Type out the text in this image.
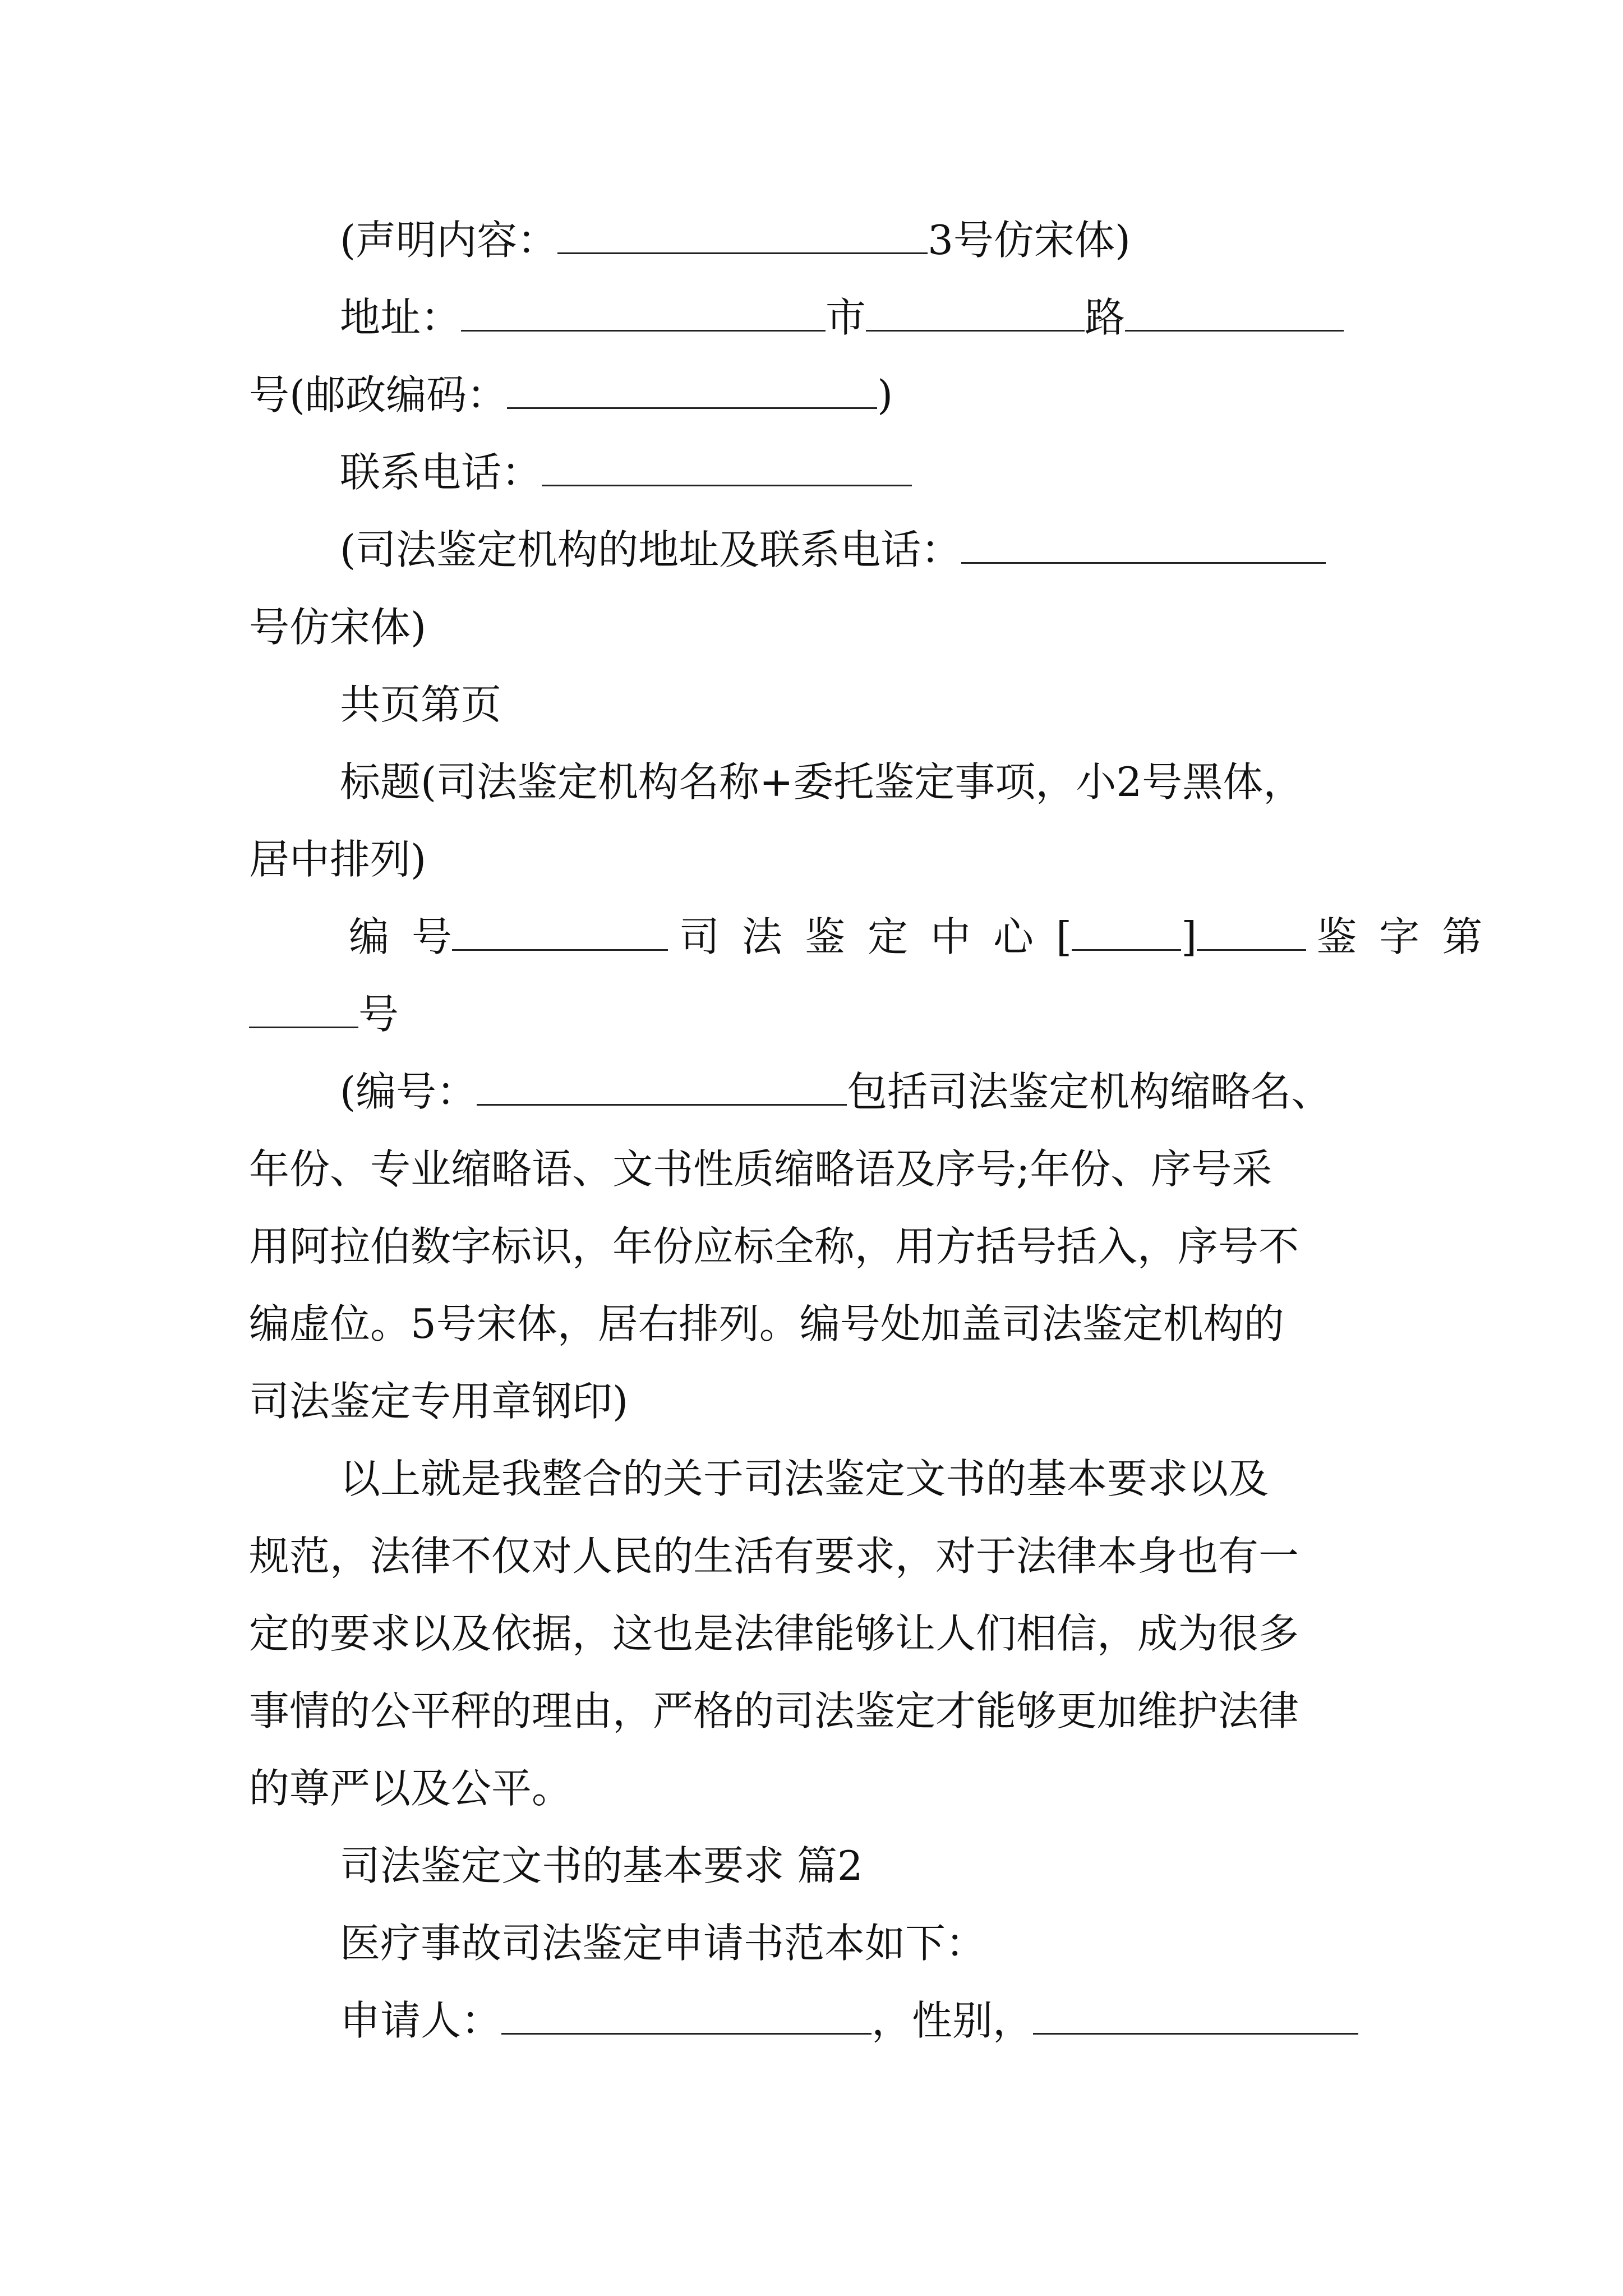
(声明内容：	3号仿宋体)

地址：	市	路

号(邮政编码：	)

联系电话：

(司法鉴定机构的地址及联系电话：

号仿宋体)

共页第页

标题(司法鉴定机构名称+委托鉴定事项，小2号黑体，

居中排列)

编号	司法鉴定中心[ ]	鉴字第

号

(编号：	包括司法鉴定机构缩略名、

年份、专业缩略语、文书性质缩略语及序号;年份、序号采

用阿拉伯数字标识，年份应标全称，用方括号括入，序号不

编虚位。5号宋体，居右排列。编号处加盖司法鉴定机构的

司法鉴定专用章钢印)

以上就是我整合的关于司法鉴定文书的基本要求以及

规范，法律不仅对人民的生活有要求，对于法律本身也有一

定的要求以及依据，这也是法律能够让人们相信，成为很多

事情的公平秤的理由，严格的司法鉴定才能够更加维护法律

的尊严以及公平。

司法鉴定文书的基本要求 篇2

医疗事故司法鉴定申请书范本如下：

申请人：	，性别，
